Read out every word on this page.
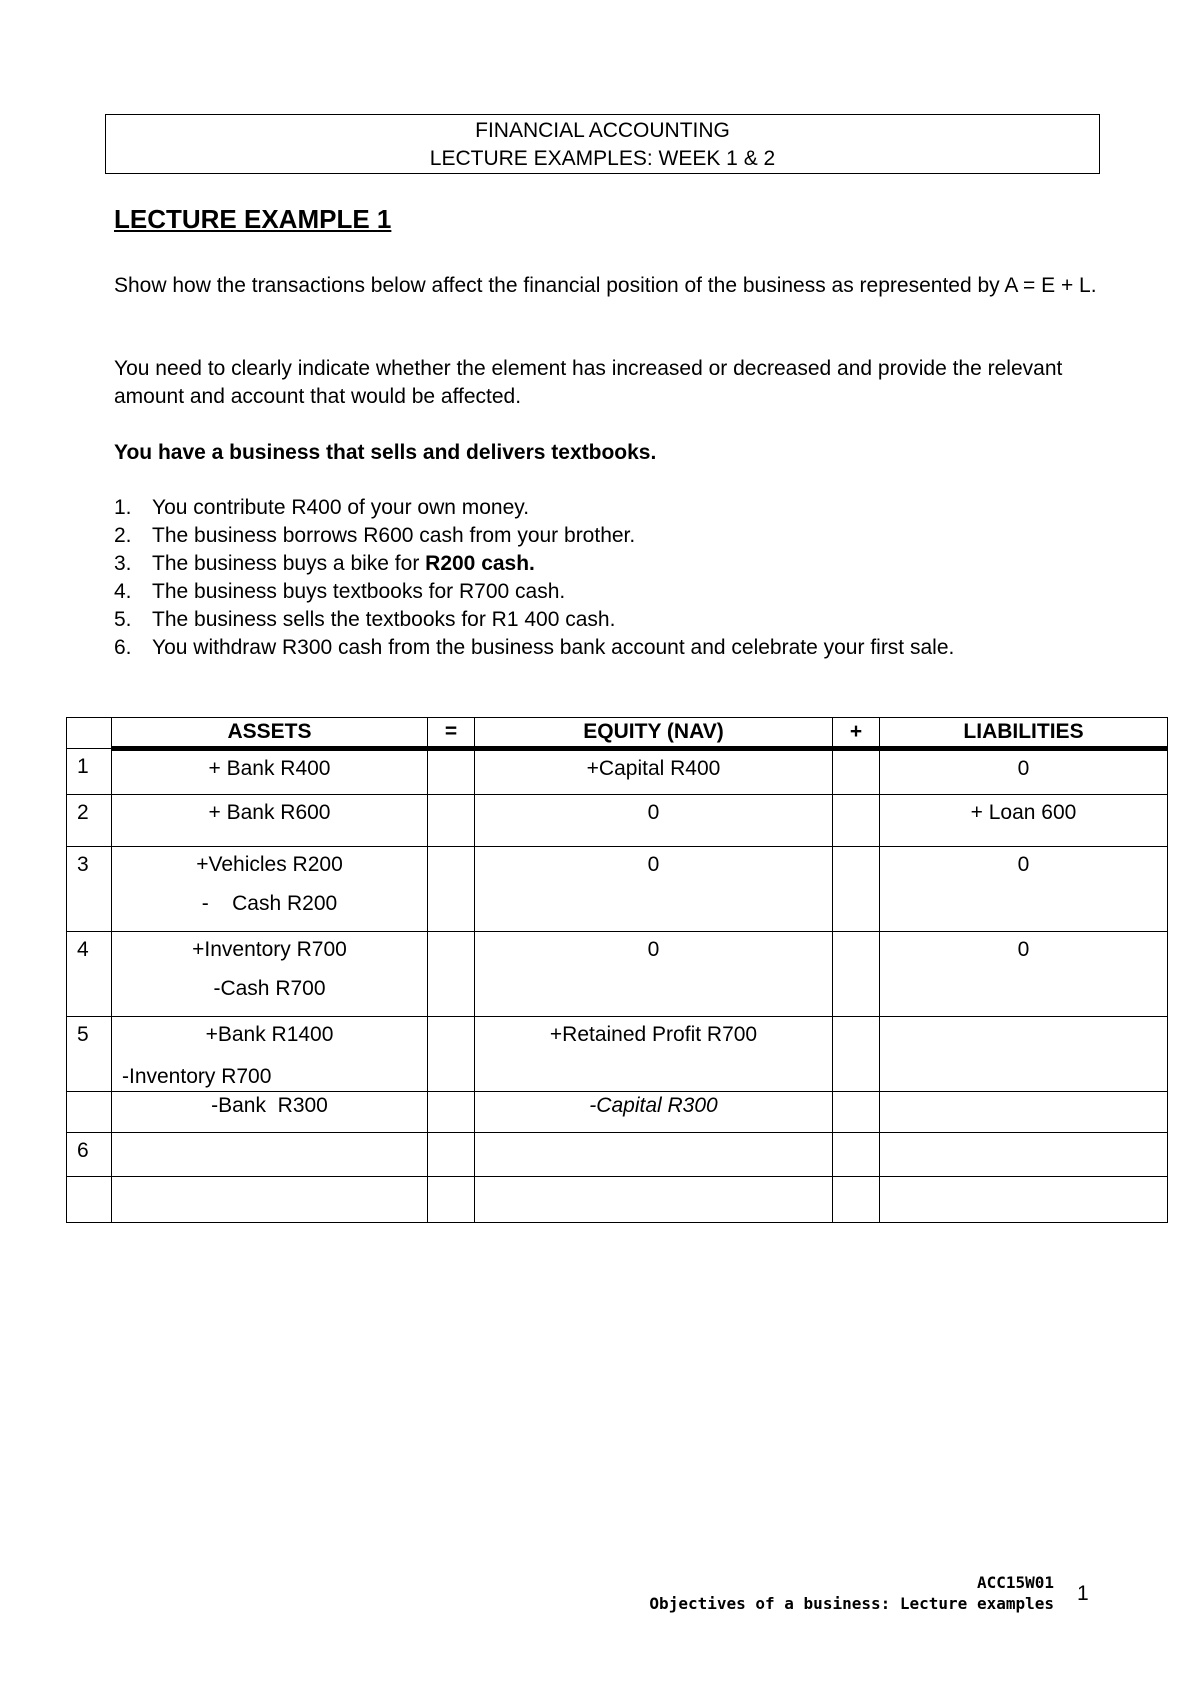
FINANCIAL ACCOUNTING
LECTURE EXAMPLES: WEEK 1 & 2
LECTURE EXAMPLE 1

Show how the transactions below affect the financial position of the business as represented by A = E + L.

You need to clearly indicate whether the element has increased or decreased and provide the relevant amount and account that would be affected.

You have a business that sells and delivers textbooks.

1. You contribute R400 of your own money.
2. The business borrows R600 cash from your brother.
3. The business buys a bike for R200 cash.
4. The business buys textbooks for R700 cash.
5. The business sells the textbooks for R1 400 cash.
6. You withdraw R300 cash from the business bank account and celebrate your first sale.
	ASSETS	=	EQUITY (NAV)	+	LIABILITIES

1	+ Bank R400		+Capital R400		0

2	+ Bank R600		0		+ Loan 600

3	+Vehicles R200
-    Cash R200		0		0

4	+Inventory R700
-Cash R700		0		0

5	+Bank R1400
-Inventory R700		+Retained Profit R700		

	-Bank  R300		-Capital R300		

6					

ACC15W01
Objectives of a business: Lecture examples 1
